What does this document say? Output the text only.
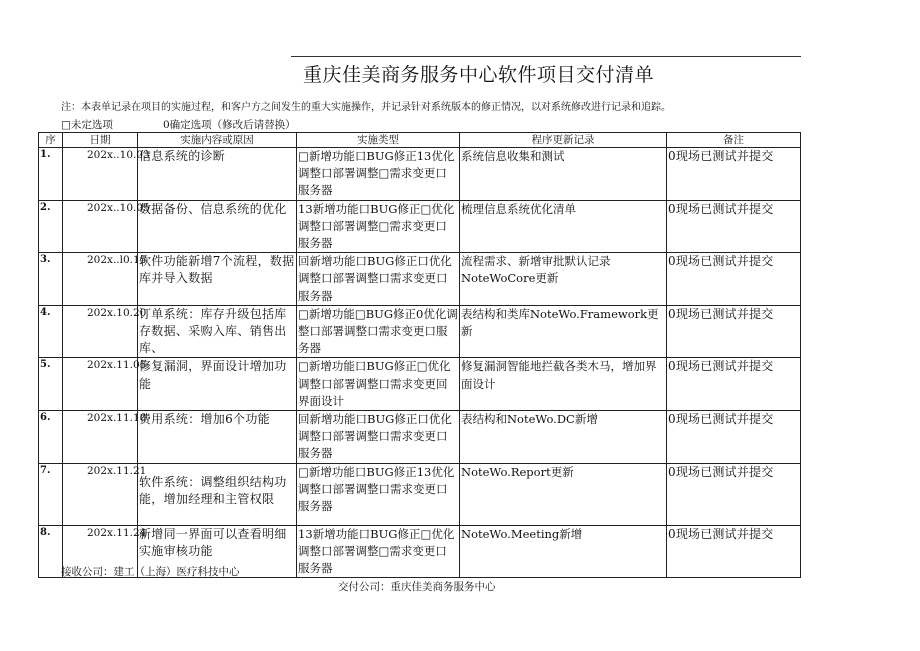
重庆佳美商务服务中心软件项目交付清单
注：本表单记录在项目的实施过程，和客户方之间发生的重大实施操作，并记录针对系统版本的修正情况，以对系统修改进行记录和追踪。
□未定选项	0确定选项（修改后请替换）
序	日期	实施内容或原因	实施类型	程序更新记录	备注
1.	202x..10.03	信息系统的诊断	□新增功能口BUG修正13优化调整口部署调整□需求变更口服务器	系统信息收集和测试	0现场已测试并提交
2.	202x..10.05	数据备份、信息系统的优化	13新增功能口BUG修正□优化调整口部署调整□需求变更口服务器	梳理信息系统优化清单	0现场已测试并提交
3.	202x..l0.15	软件功能新增7个流程，数据库并导入数据	回新增功能口BUG修正口优化调整口部署调整口需求变更口服务器	流程需求、新增审批默认记录NoteWoCore更新	0现场已测试并提交
4.	202x.10.20	订单系统：库存升级包括库存数据、采购入库、销售出库、	□新增功能□BUG修正0优化调整口部署调整口需求变更口服务器	表结构和类库NoteWo.Framework更新	0现场已测试并提交
5.	202x.11.05	修复漏洞，界面设计增加功能	□新增功能口BUG修正□优化调整口部署调整口需求变更回界面设计	修复漏洞智能地拦截各类木马，增加界面设计	0现场已测试并提交
6.	202x.11.10	费用系统：增加6个功能	回新增功能口BUG修正口优化调整口部署调整口需求变更口服务器	表结构和NoteWo.DC新增	0现场已测试并提交
7.	202x.11.21	软件系统：调整组织结构功能，增加经理和主管权限	□新增功能口BUG修正13优化调整口部署调整口需求变更口服务器	NoteWo.Report更新	0现场已测试并提交
8.	202x.11.24	新增同一界面可以查看明细实施审核功能	13新增功能口BUG修正□优化调整口部署调整□需求变更口服务器	NoteWo.Meeting新增	0现场已测试并提交
接收公司：建工（上海）医疗科技中心
交付公司：重庆佳美商务服务中心
